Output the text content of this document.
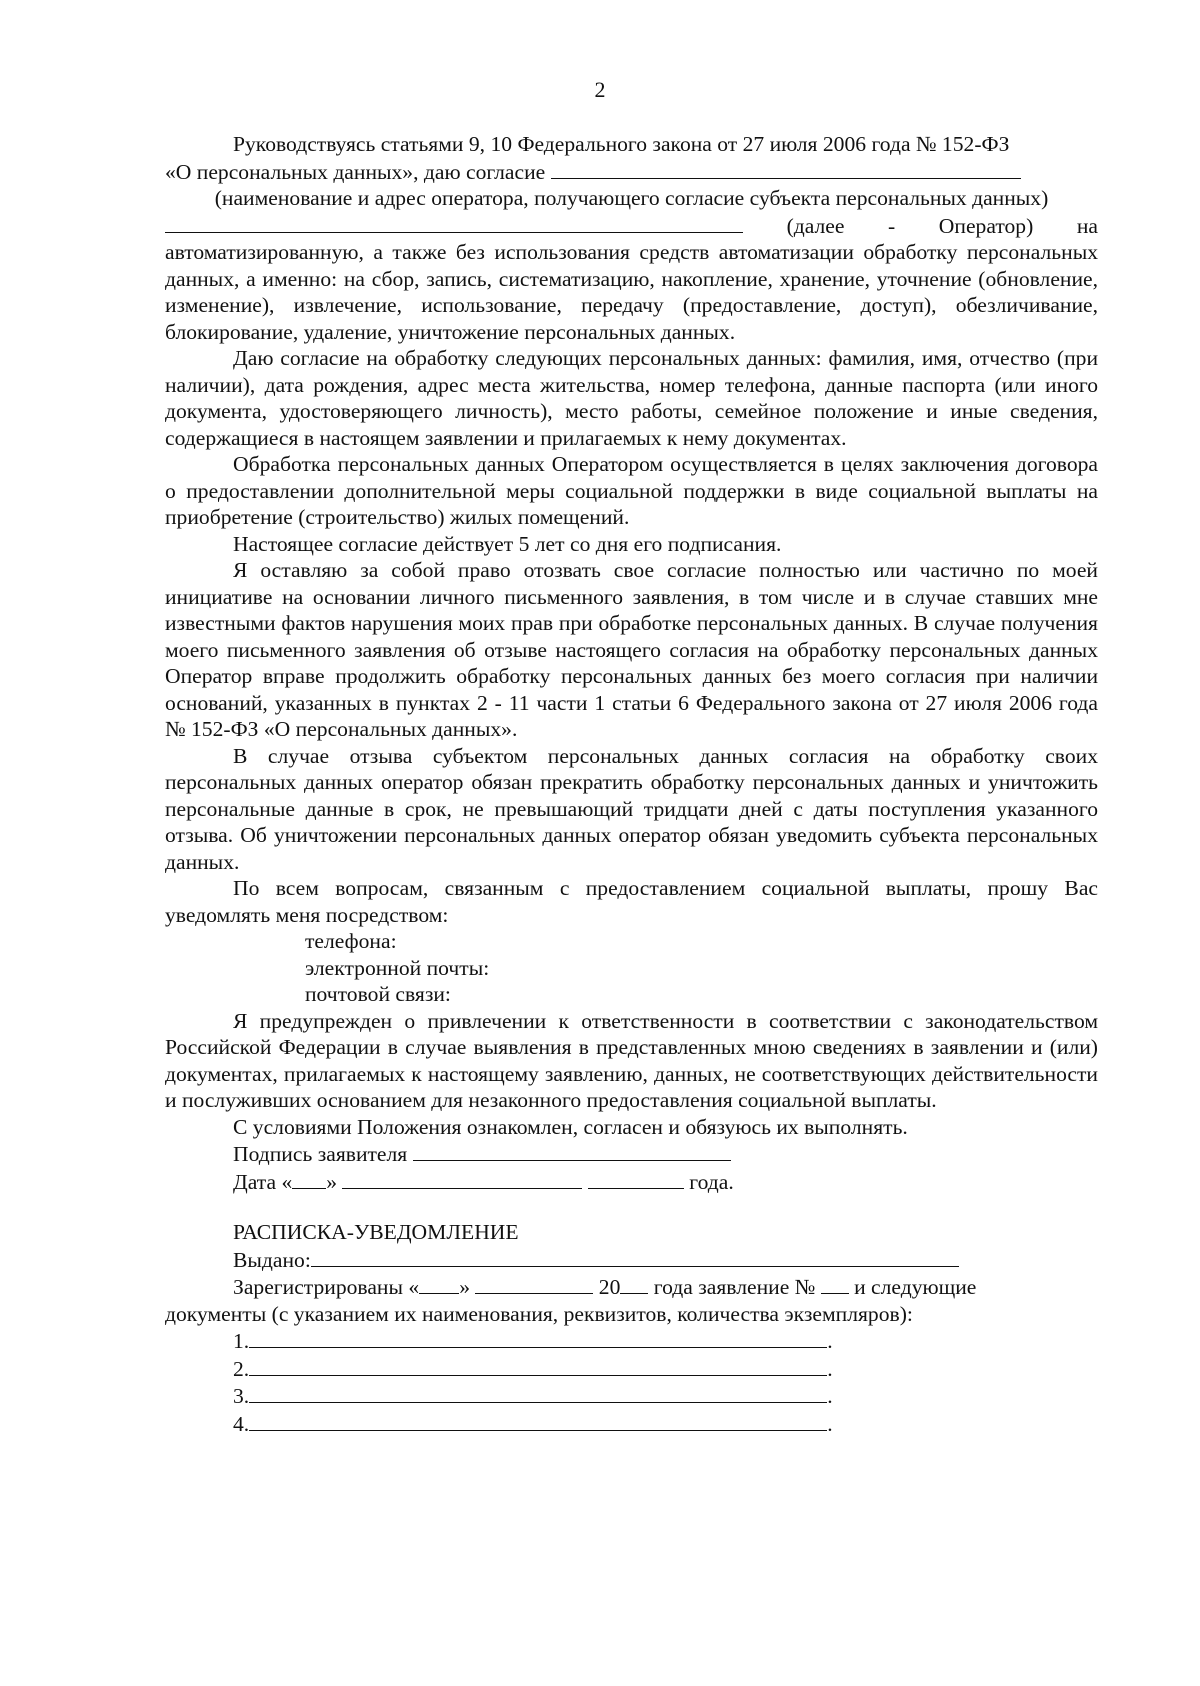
2

Руководствуясь статьями 9, 10 Федерального закона от 27 июля 2006 года № 152-ФЗ

«О персональных данных», даю согласие

(наименование и адрес оператора, получающего согласие субъекта персональных данных)

(далее - Оператор) на

автоматизированную, а также без использования средств автоматизации обработку персональных данных, а именно: на сбор, запись, систематизацию, накопление, хранение, уточнение (обновление, изменение), извлечение, использование, передачу (предоставление, доступ), обезличивание, блокирование, удаление, уничтожение персональных данных.

Даю согласие на обработку следующих персональных данных: фамилия, имя, отчество (при наличии), дата рождения, адрес места жительства, номер телефона, данные паспорта (или иного документа, удостоверяющего личность), место работы, семейное положение и иные сведения, содержащиеся в настоящем заявлении и прилагаемых к нему документах.

Обработка персональных данных Оператором осуществляется в целях заключения договора о предоставлении дополнительной меры социальной поддержки в виде социальной выплаты на приобретение (строительство) жилых помещений.

Настоящее согласие действует 5 лет со дня его подписания.

Я оставляю за собой право отозвать свое согласие полностью или частично по моей инициативе на основании личного письменного заявления, в том числе и в случае ставших мне известными фактов нарушения моих прав при обработке персональных данных. В случае получения моего письменного заявления об отзыве настоящего согласия на обработку персональных данных Оператор вправе продолжить обработку персональных данных без моего согласия при наличии оснований, указанных в пунктах 2 - 11 части 1 статьи 6 Федерального закона от 27 июля 2006 года № 152-ФЗ «О персональных данных».

В случае отзыва субъектом персональных данных согласия на обработку своих персональных данных оператор обязан прекратить обработку персональных данных и уничтожить персональные данные в срок, не превышающий тридцати дней с даты поступления указанного отзыва. Об уничтожении персональных данных оператор обязан уведомить субъекта персональных данных.

По всем вопросам, связанным с предоставлением социальной выплаты, прошу Вас уведомлять меня посредством:

телефона:

электронной почты:

почтовой связи:

Я предупрежден о привлечении к ответственности в соответствии с законодательством Российской Федерации в случае выявления в представленных мною сведениях в заявлении и (или) документах, прилагаемых к настоящему заявлению, данных, не соответствующих действительности и послуживших основанием для незаконного предоставления социальной выплаты.

С условиями Положения ознакомлен, согласен и обязуюсь их выполнять.

Подпись заявителя

Дата « »	года.

РАСПИСКА-УВЕДОМЛЕНИЕ

Выдано:

Зарегистрированы « »	20 года заявление № и следующие

документы (с указанием их наименования, реквизитов, количества экземпляров):

1.	.

2.	.

3.	.

4.	.
